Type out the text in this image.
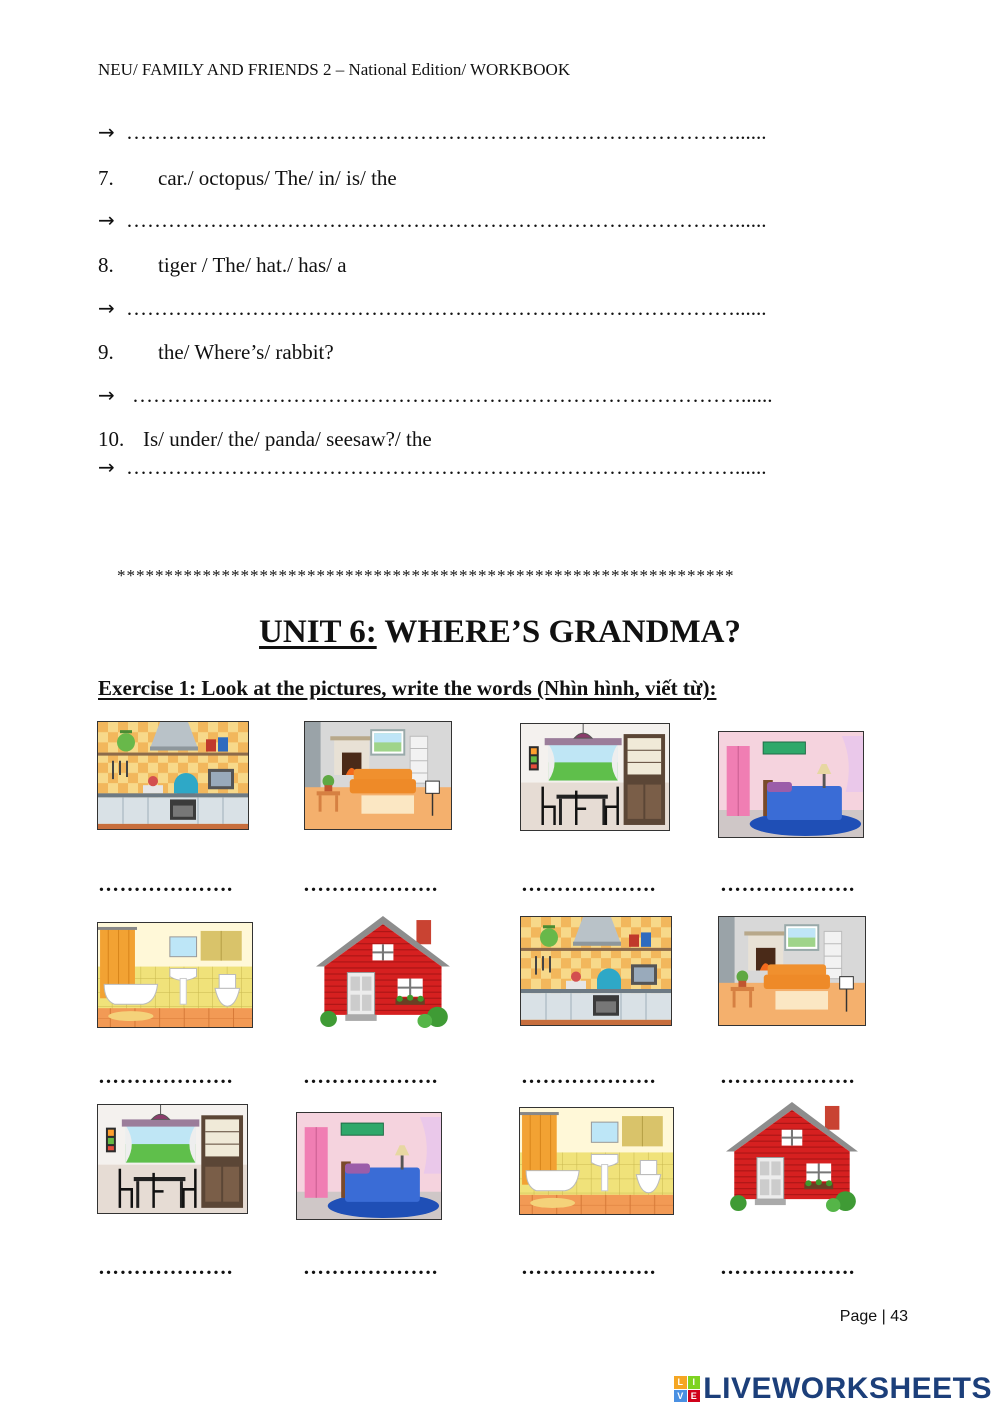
NEU/ FAMILY AND FRIENDS 2 – National Edition/ WORKBOOK
→ ……………………………………………………………………………......
7. car./ octopus/ The/ in/ is/ the
→ ……………………………………………………………………………......
8. tiger / The/ hat./ has/ a
→ ……………………………………………………………………………......
9. the/ Where’s/ rabbit?
→ ……………………………………………………………………………......
10. Is/ under/ the/ panda/ seesaw?/ the
→ ……………………………………………………………………………......
*****************************************************************
UNIT 6: WHERE’S GRANDMA?
Exercise 1: Look at the pictures, write the words (Nhìn hình, viết từ):
……………….	……………….	……………….	……………….
……………….	……………….	……………….	……………….
……………….	……………….	……………….	……………….
Page | 43
L I
V E LIVEWORKSHEETS
